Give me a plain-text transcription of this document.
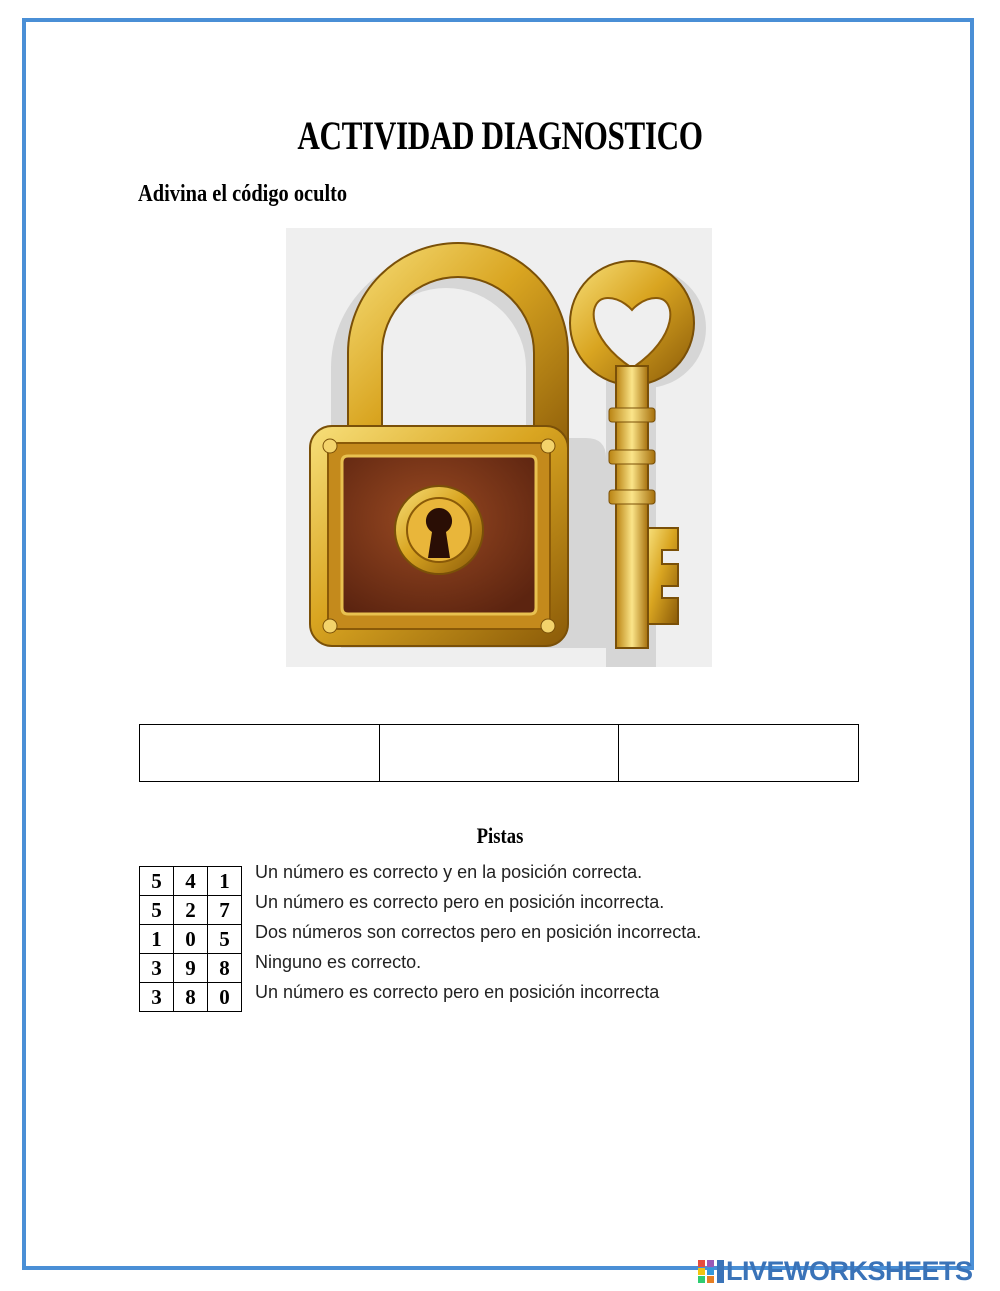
ACTIVIDAD DIAGNOSTICO
Adivina el código oculto

Pistas
5	4	1
5	2	7
1	0	5
3	9	8
3	8	0
Un número es correcto y en la posición correcta.
Un número es correcto pero en posición incorrecta.
Dos números son correctos pero en posición incorrecta.
Ninguno es correcto.
Un número es correcto pero en posición incorrecta
LIVEWORKSHEETS
